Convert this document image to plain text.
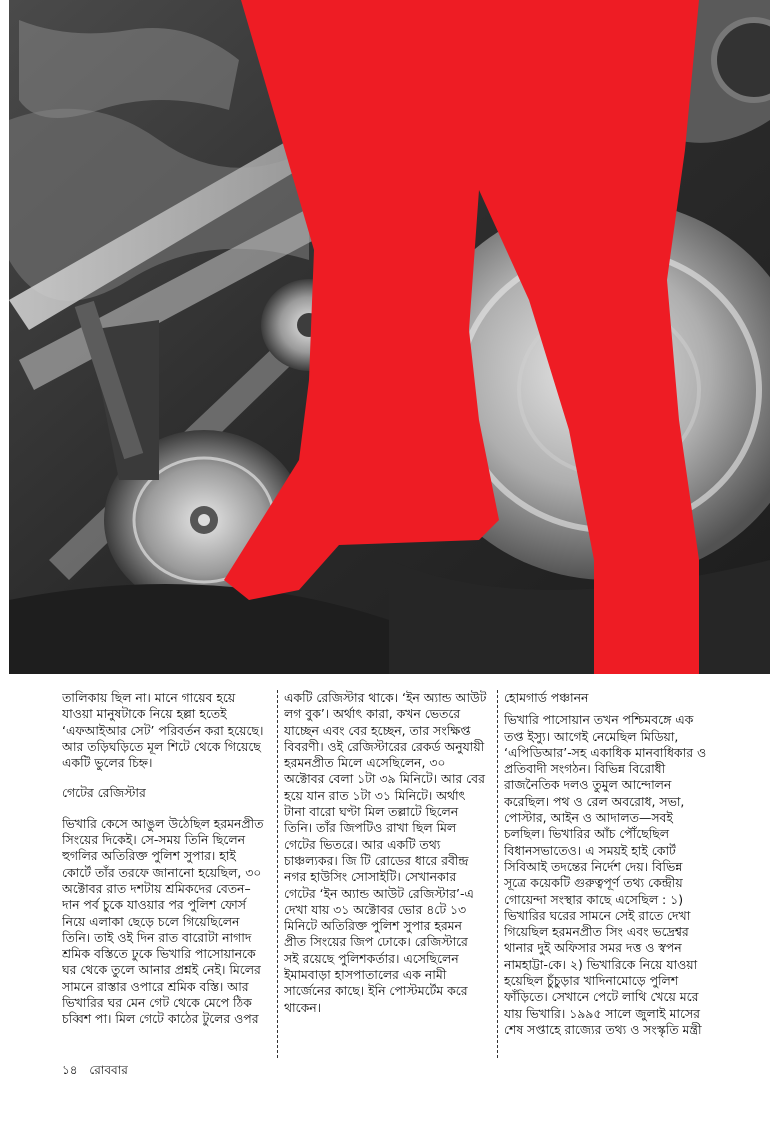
তালিকায় ছিল না। মানে গায়েব হয়ে

যাওয়া মানুষটাকে নিয়ে হল্লা হতেই

‘এফআইআর সেট’ পরিবর্তন করা হয়েছে।

আর তড়িঘড়িতে মূল শিটে থেকে গিয়েছে

একটি ভুলের চিহ্ন।

গেটের রেজিস্টার

ভিখারি কেসে আঙুল উঠেছিল হরমনপ্রীত

সিংয়ের দিকেই। সে-সময় তিনি ছিলেন

হুগলির অতিরিক্ত পুলিশ সুপার। হাই

কোর্টে তাঁর তরফে জানানো হয়েছিল, ৩০

অক্টোবর রাত দশটায় শ্রমিকদের বেতন–

দান পর্ব চুকে যাওয়ার পর পুলিশ ফোর্স

নিয়ে এলাকা ছেড়ে চলে গিয়েছিলেন

তিনি। তাই ওই দিন রাত বারোটা নাগাদ

শ্রমিক বস্তিতে ঢুকে ভিখারি পাসোয়ানকে

ঘর থেকে তুলে আনার প্রশ্নই নেই। মিলের

সামনে রাস্তার ওপারে শ্রমিক বস্তি। আর

ভিখারির ঘর মেন গেট থেকে মেপে ঠিক

চব্বিশ পা। মিল গেটে কাঠের টুলের ওপর

একটি রেজিস্টার থাকে। ‘ইন অ্যান্ড আউট

লগ বুক’। অর্থাৎ কারা, কখন ভেতরে

যাচ্ছেন এবং বের হচ্ছেন, তার সংক্ষিপ্ত

বিবরণী। ওই রেজিস্টারের রেকর্ড অনুযায়ী

হরমনপ্রীত মিলে এসেছিলেন, ৩০

অক্টোবর বেলা ১টা ৩৯ মিনিটে। আর বের

হয়ে যান রাত ১টা ৩১ মিনিটে। অর্থাৎ

টানা বারো ঘণ্টা মিল তল্লাটে ছিলেন

তিনি। তাঁর জিপটিও রাখা ছিল মিল

গেটের ভিতরে। আর একটি তথ্য

চাঞ্চল্যকর। জি টি রোডের ধারে রবীন্দ্র

নগর হাউসিং সোসাইটি। সেখানকার

গেটের ‘ইন অ্যান্ড আউট রেজিস্টার’-এ

দেখা যায় ৩১ অক্টোবর ভোর ৪টে ১৩

মিনিটে অতিরিক্ত পুলিশ সুপার হরমন

প্রীত সিংয়ের জিপ ঢোকে। রেজিস্টারে

সই রয়েছে পুলিশকর্তার। এসেছিলেন

ইমামবাড়া হাসপাতালের এক নামী

সার্জেনের কাছে। ইনি পোস্টমর্টেম করে

থাকেন।

হোমগার্ড পঞ্চানন

ভিখারি পাসোয়ান তখন পশ্চিমবঙ্গে এক

তপ্ত ইস্যু। আগেই নেমেছিল মিডিয়া,

‘এপিডিআর’-সহ একাধিক মানবাধিকার ও

প্রতিবাদী সংগঠন। বিভিন্ন বিরোধী

রাজনৈতিক দলও তুমুল আন্দোলন

করেছিল। পথ ও রেল অবরোধ, সভা,

পোস্টার, আইন ও আদালত—সবই

চলছিল। ভিখারির আঁচ পৌঁছেছিল

বিধানসভাতেও। এ সময়ই হাই কোর্ট

সিবিআই তদন্তের নির্দেশ দেয়। বিভিন্ন

সূত্রে কয়েকটি গুরুত্বপূর্ণ তথ্য কেন্দ্রীয়

গোয়েন্দা সংস্থার কাছে এসেছিল : ১)

ভিখারির ঘরের সামনে সেই রাতে দেখা

গিয়েছিল হরমনপ্রীত সিং এবং ভদ্রেশ্বর

থানার দুই অফিসার সমর দত্ত ও স্বপন

নামহাট্টা-কে। ২) ভিখারিকে নিয়ে যাওয়া

হয়েছিল চুঁচুড়ার খাদিনামোড়ে পুলিশ

ফাঁড়িতে। সেখানে পেটে লাথি খেয়ে মরে

যায় ভিখারি। ১৯৯৫ সালে জুলাই মাসের

শেষ সপ্তাহে রাজ্যের তথ্য ও সংস্কৃতি মন্ত্রী

১৪ রোববার
